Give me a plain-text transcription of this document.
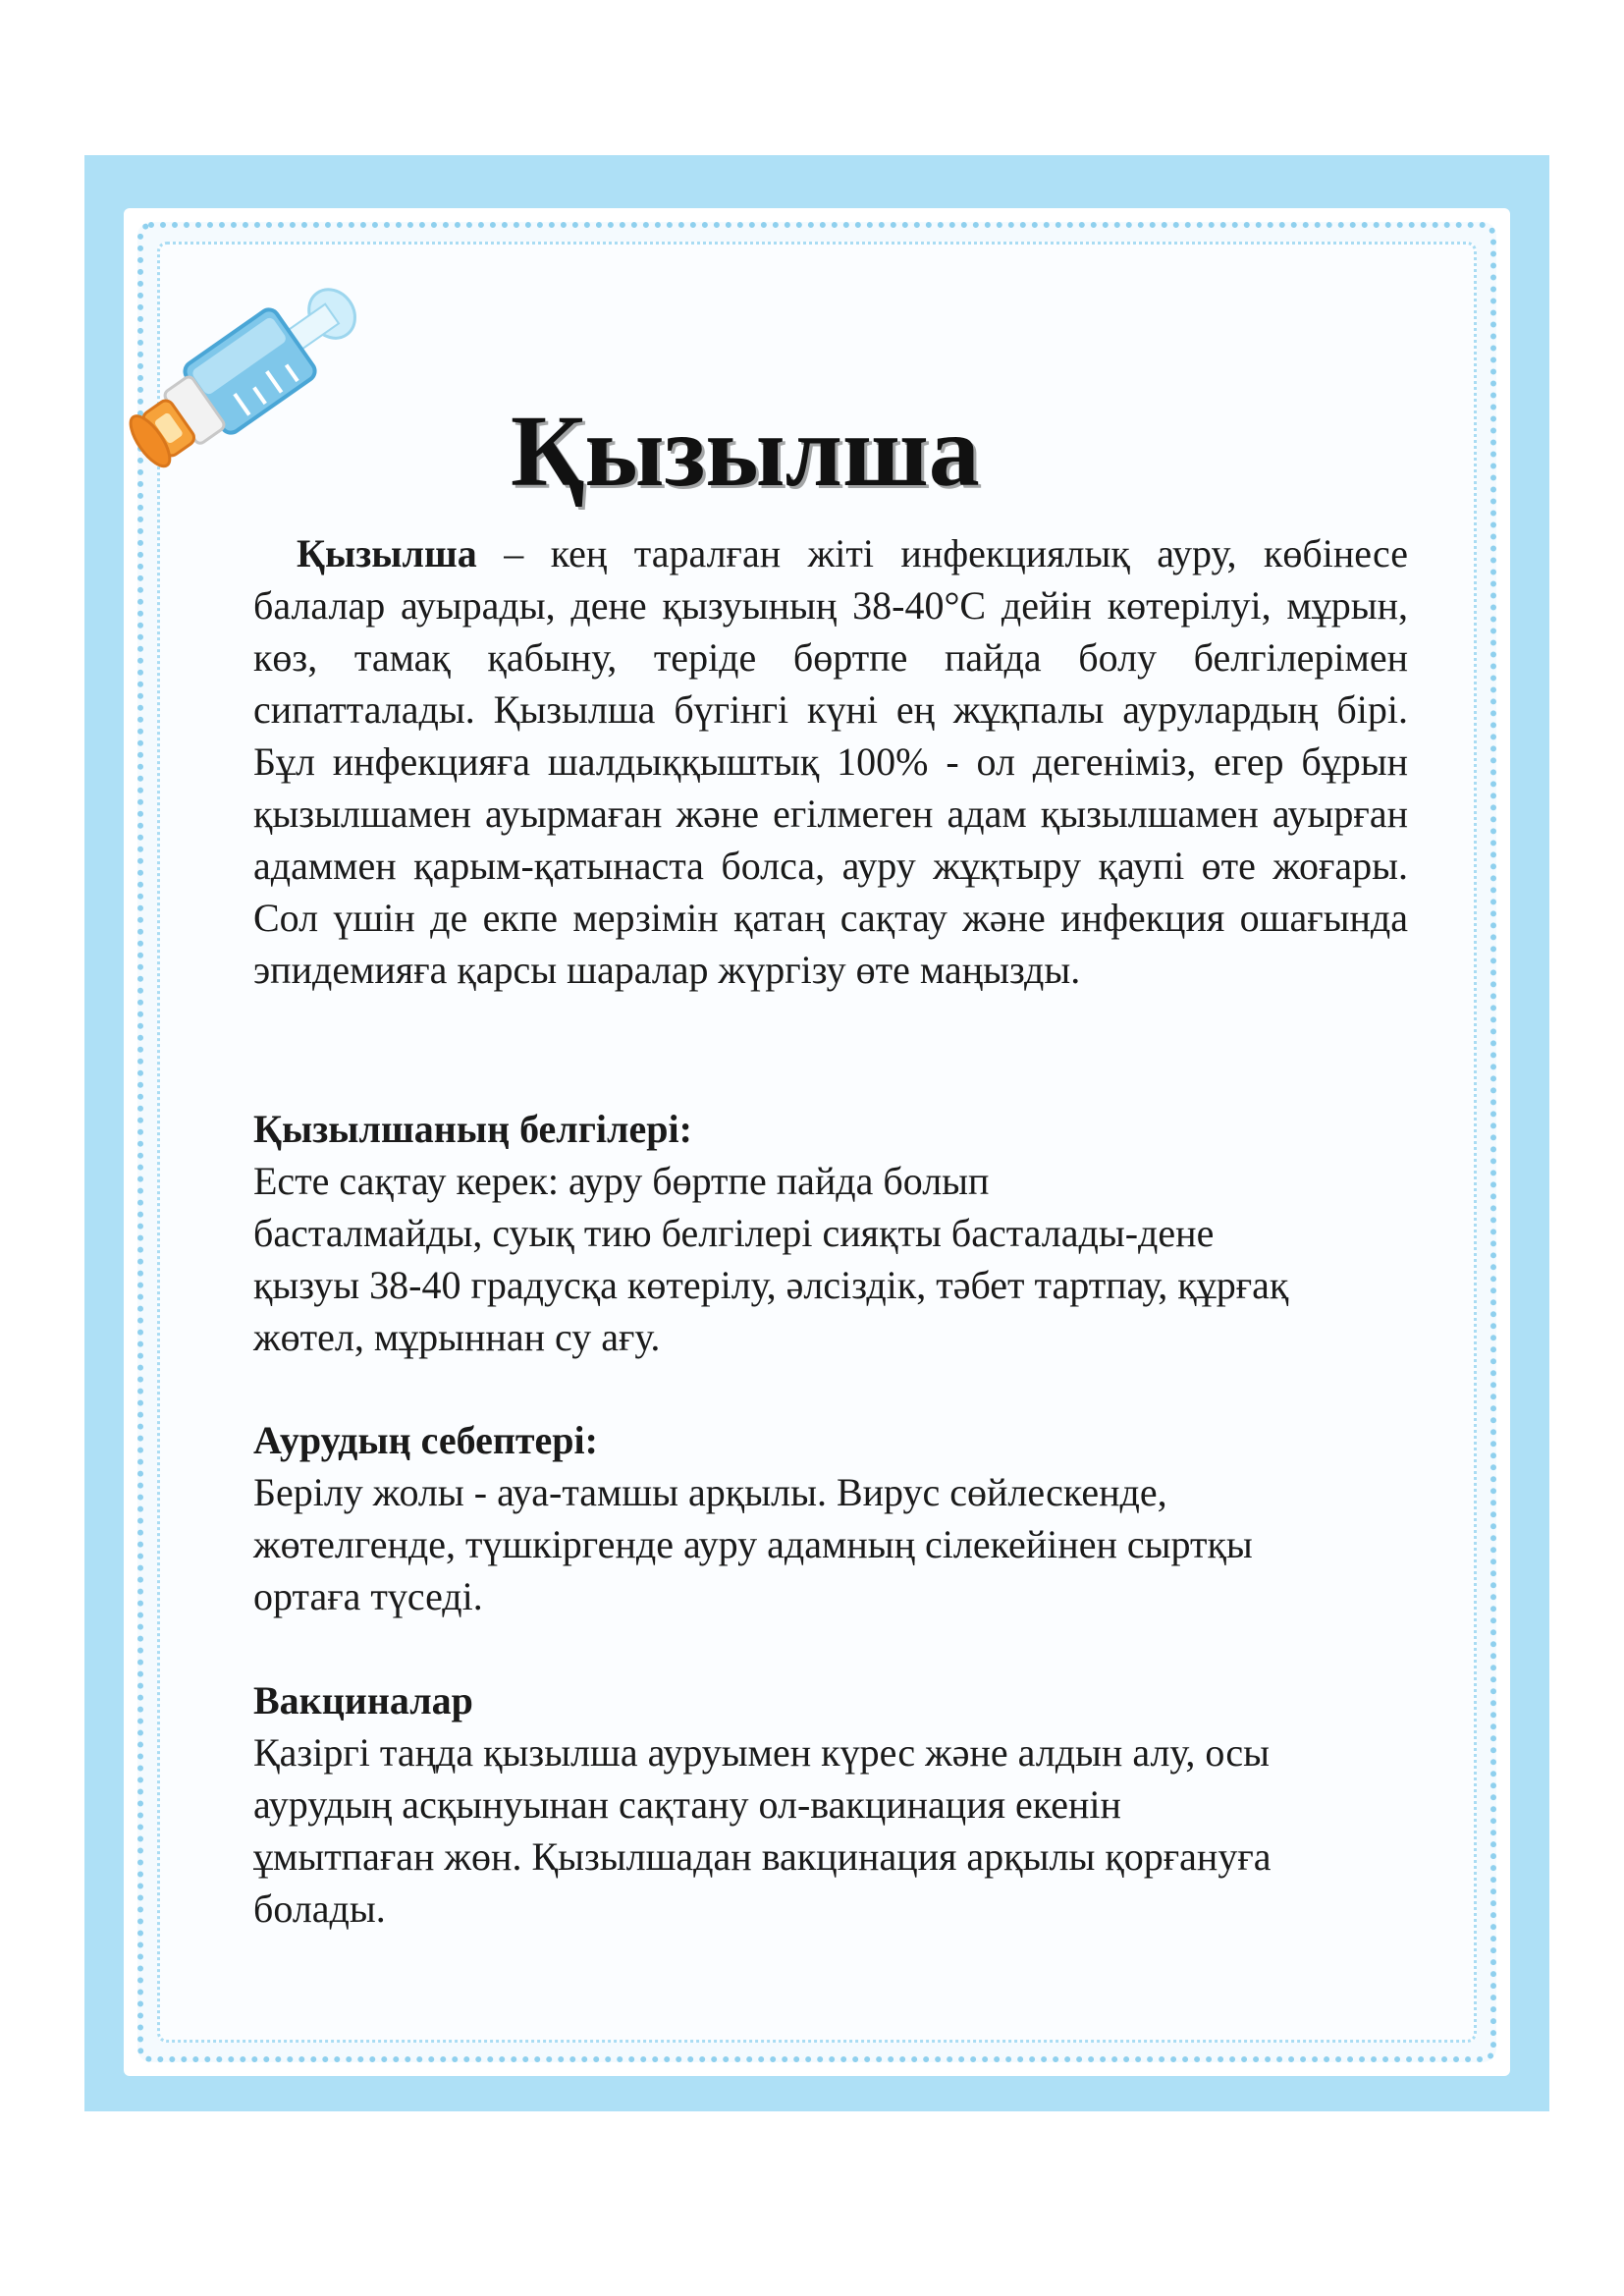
Қызылша

Қызылша – кең таралған жіті инфекциялық ауру, көбінесе балалар ауырады, дене қызуының 38-40°C дейін көтерілуі, мұрын, көз, тамақ қабыну, теріде бөртпе пайда болу белгілерімен сипатталады. Қызылша бүгінгі күні ең жұқпалы аурулардың бірі. Бұл инфекцияға шалдыққыштық 100% - ол дегеніміз, егер бұрын қызылшамен ауырмаған және егілмеген адам қызылшамен ауырған адаммен қарым-қатынаста болса, ауру жұқтыру қаупі өте жоғары. Сол үшін де екпе мерзімін қатаң сақтау және инфекция ошағында эпидемияға қарсы шаралар жүргізу өте маңызды.

Қызылшаның белгілері:

Есте сақтау керек: ауру бөртпе пайда болып

басталмайды, суық тию белгілері сияқты басталады-дене

қызуы 38-40 градусқа көтерілу, әлсіздік, тәбет тартпау, құрғақ

жөтел, мұрыннан су ағу.

Аурудың себептері:

Берілу жолы - ауа-тамшы арқылы. Вирус сөйлескенде,

жөтелгенде, түшкіргенде ауру адамның сілекейінен сыртқы

ортаға түседі.

Вакциналар

Қазіргі таңда қызылша ауруымен күрес және алдын алу, осы

аурудың асқынуынан сақтану ол-вакцинация екенін

ұмытпаған жөн. Қызылшадан вакцинация арқылы қорғануға

болады.
